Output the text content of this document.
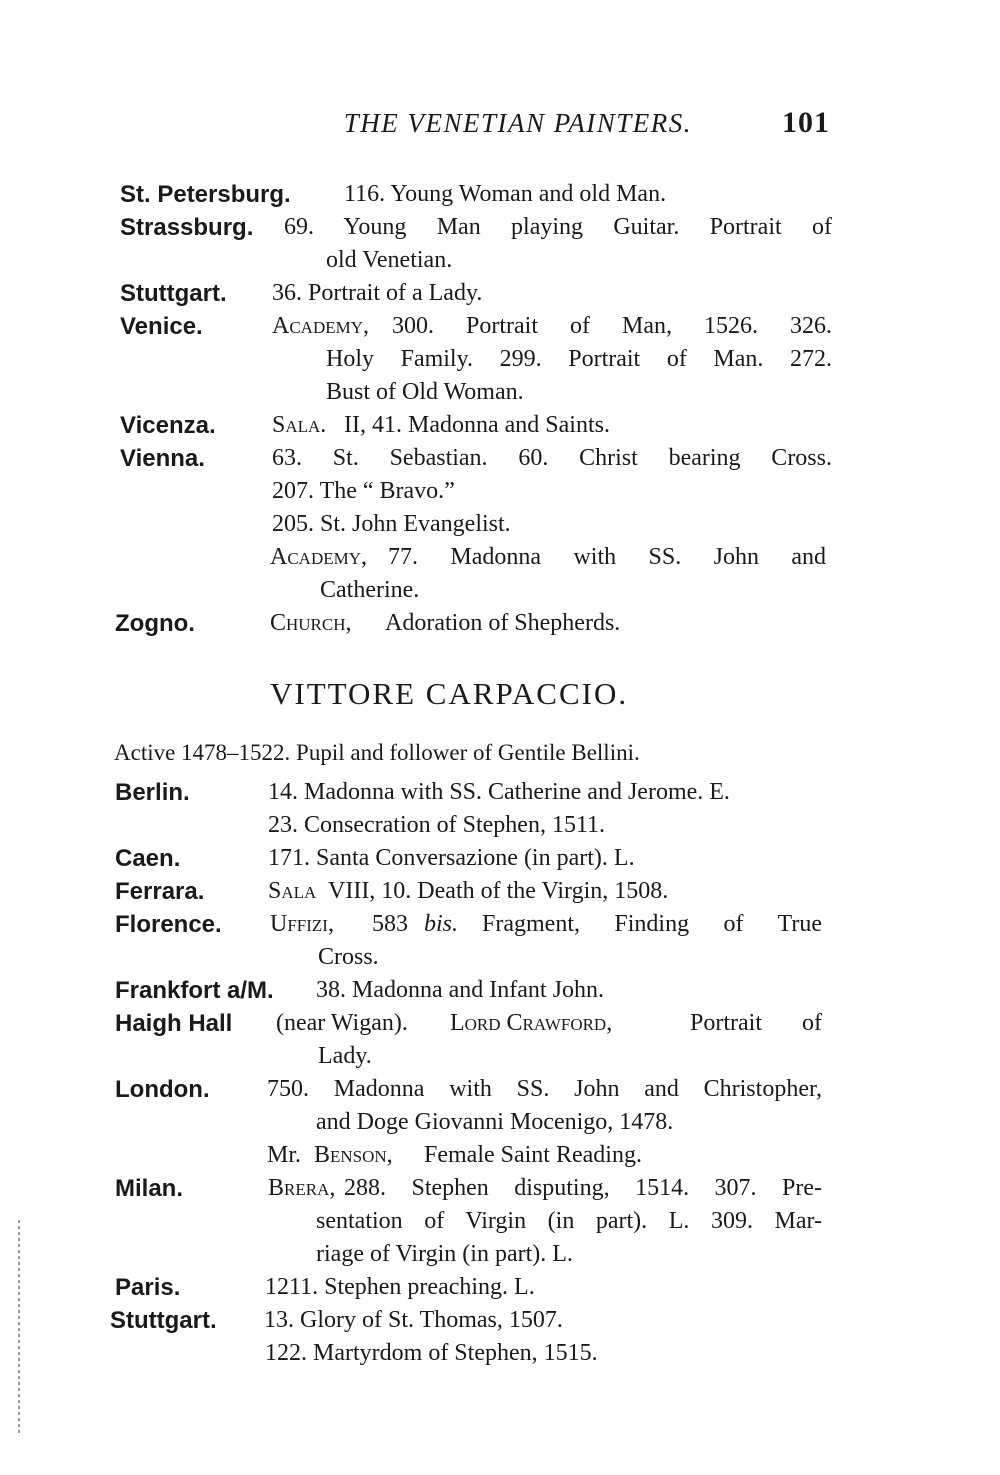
THE VENETIAN PAINTERS.	101
St. Petersburg. 116. Young Woman and old Man.
Strassburg. 69. Young Man playing Guitar. Portrait of
old Venetian.
Stuttgart. 36. Portrait of a Lady.
Venice.	Academy, 300. Portrait of Man, 1526. 326.
Holy Family. 299. Portrait of Man. 272.
Bust of Old Woman.
Vicenza. Sala. II, 41. Madonna and Saints.
Vienna.	63. St. Sebastian. 60. Christ bearing Cross.
207. The “ Bravo.”
205. St. John Evangelist.
Academy, 77. Madonna with SS. John and
Catherine.
Zogno.	Church, Adoration of Shepherds.
VITTORE CARPACCIO.
Active 1478–1522. Pupil and follower of Gentile Bellini.
Berlin.	14. Madonna with SS. Catherine and Jerome. E.
23. Consecration of Stephen, 1511.
Caen.	171. Santa Conversazione (in part). L.
Ferrara.	Sala VIII, 10. Death of the Virgin, 1508.
Florence. Uffizi, 583 bis. Fragment, Finding of True
Cross.
Frankfort a/M. 38. Madonna and Infant John.
Haigh Hall (near Wigan). Lord Crawford,	Portrait of
Lady.
London. 750. Madonna with SS. John and Christopher,
and Doge Giovanni Mocenigo, 1478.
Mr. Benson, Female Saint Reading.
Milan.	Brera, 288. Stephen disputing, 1514. 307. Pre-
sentation of Virgin (in part). L. 309. Mar-
riage of Virgin (in part). L.
Paris.	1211. Stephen preaching. L.
Stuttgart. 13. Glory of St. Thomas, 1507.
122. Martyrdom of Stephen, 1515.
